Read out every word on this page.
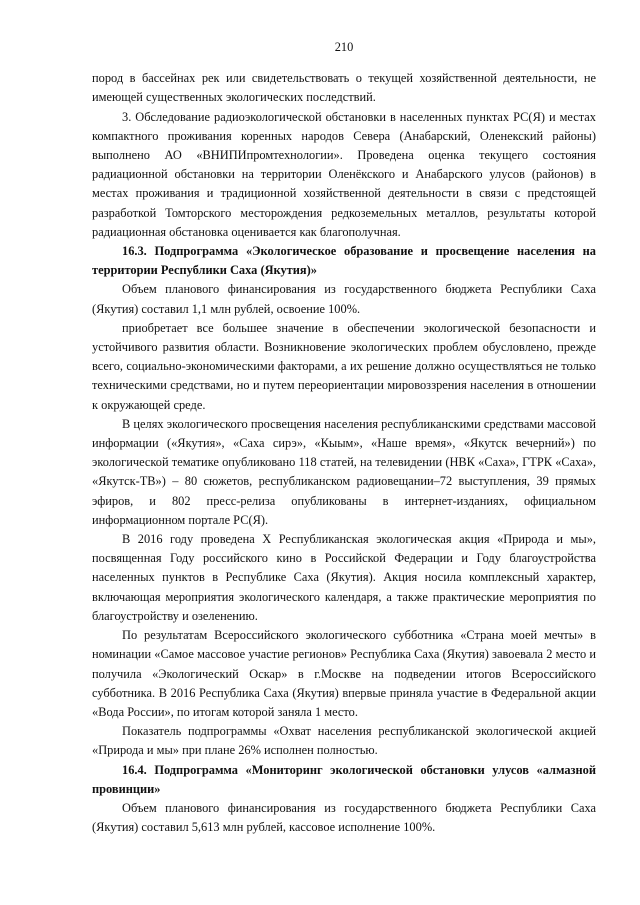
210

пород в бассейнах рек или свидетельствовать о текущей хозяйственной деятельности, не имеющей существенных экологических последствий.

3. Обследование радиоэкологической обстановки в населенных пунктах РС(Я) и местах компактного проживания коренных народов Севера (Анабарский, Оленекский районы) выполнено АО «ВНИПИпромтехнологии». Проведена оценка текущего состояния радиационной обстановки на территории Оленёкского и Анабарского улусов (районов) в местах проживания и традиционной хозяйственной деятельности в связи с предстоящей разработкой Томторского месторождения редкоземельных металлов, результаты которой радиационная обстановка оценивается как благополучная.

16.3. Подпрограмма «Экологическое образование и просвещение населения на территории Республики Саха (Якутия)»

Объем планового финансирования из государственного бюджета Республики Саха (Якутия) составил 1,1 млн рублей, освоение 100%.

приобретает все большее значение в обеспечении экологической безопасности и устойчивого развития области. Возникновение экологических проблем обусловлено, прежде всего, социально-экономическими факторами, а их решение должно осуществляться не только техническими средствами, но и путем переориентации мировоззрения населения в отношении к окружающей среде.

В целях экологического просвещения населения республиканскими средствами массовой информации («Якутия», «Саха сирэ», «Кыым», «Наше время», «Якутск вечерний») по экологической тематике опубликовано 118 статей, на телевидении (НВК «Саха», ГТРК «Саха», «Якутск-ТВ») – 80 сюжетов, республиканском радиовещании–72 выступления, 39 прямых эфиров, и 802 пресс-релиза опубликованы в интернет-изданиях, официальном информационном портале РС(Я).

В 2016 году проведена X Республиканская экологическая акция «Природа и мы», посвященная Году российского кино в Российской Федерации и Году благоустройства населенных пунктов в Республике Саха (Якутия). Акция носила комплексный характер, включающая мероприятия экологического календаря, а также практические мероприятия по благоустройству и озеленению.

По результатам Всероссийского экологического субботника «Страна моей мечты» в номинации «Самое массовое участие регионов» Республика Саха (Якутия) завоевала 2 место и получила «Экологический Оскар» в г.Москве на подведении итогов Всероссийского субботника. В 2016 Республика Саха (Якутия) впервые приняла участие в Федеральной акции «Вода России», по итогам которой заняла 1 место.

Показатель подпрограммы «Охват населения республиканской экологической акцией «Природа и мы» при плане 26% исполнен полностью.

16.4. Подпрограмма «Мониторинг экологической обстановки улусов «алмазной провинции»

Объем планового финансирования из государственного бюджета Республики Саха (Якутия) составил 5,613 млн рублей, кассовое исполнение 100%.
